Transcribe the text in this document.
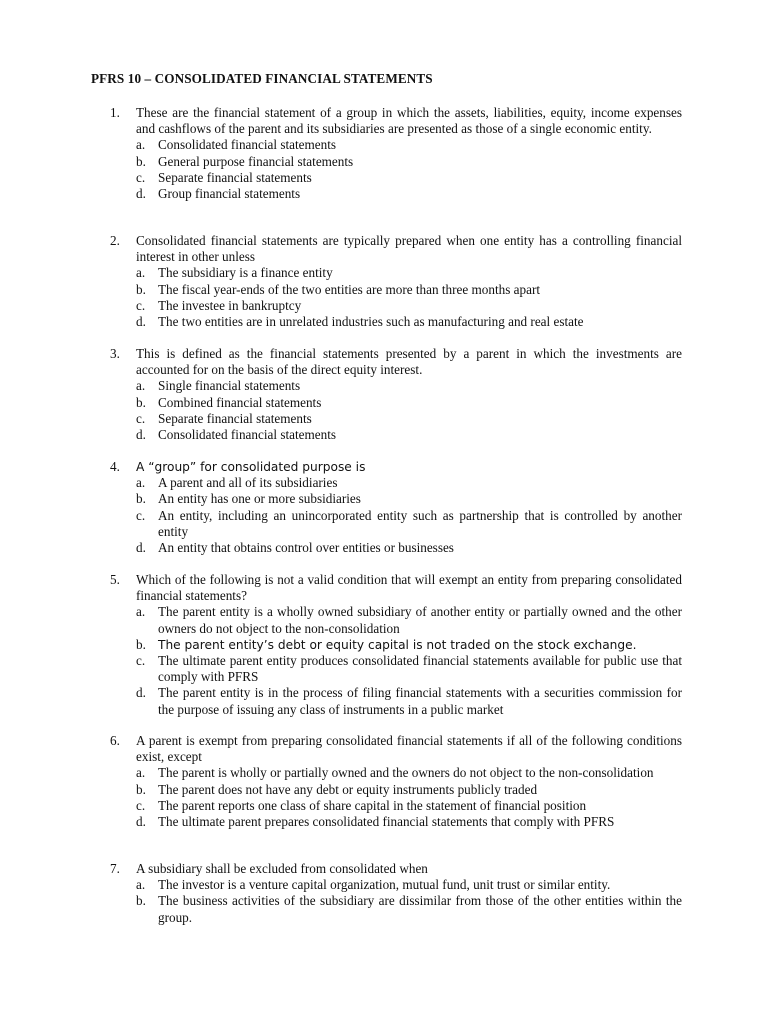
PFRS 10 – CONSOLIDATED FINANCIAL STATEMENTS
1. These are the financial statement of a group in which the assets, liabilities, equity, income expenses and cashflows of the parent and its subsidiaries are presented as those of a single economic entity.
a. Consolidated financial statements
b. General purpose financial statements
c. Separate financial statements
d. Group financial statements
2. Consolidated financial statements are typically prepared when one entity has a controlling financial interest in other unless
a. The subsidiary is a finance entity
b. The fiscal year-ends of the two entities are more than three months apart
c. The investee in bankruptcy
d. The two entities are in unrelated industries such as manufacturing and real estate
3. This is defined as the financial statements presented by a parent in which the investments are accounted for on the basis of the direct equity interest.
a. Single financial statements
b. Combined financial statements
c. Separate financial statements
d. Consolidated financial statements
4. A “group” for consolidated purpose is
a. A parent and all of its subsidiaries
b. An entity has one or more subsidiaries
c. An entity, including an unincorporated entity such as partnership that is controlled by another entity
d. An entity that obtains control over entities or businesses
5. Which of the following is not a valid condition that will exempt an entity from preparing consolidated financial statements?
a. The parent entity is a wholly owned subsidiary of another entity or partially owned and the other owners do not object to the non-consolidation
b. The parent entity’s debt or equity capital is not traded on the stock exchange.
c. The ultimate parent entity produces consolidated financial statements available for public use that comply with PFRS
d. The parent entity is in the process of filing financial statements with a securities commission for the purpose of issuing any class of instruments in a public market
6. A parent is exempt from preparing consolidated financial statements if all of the following conditions exist, except
a. The parent is wholly or partially owned and the owners do not object to the non-consolidation
b. The parent does not have any debt or equity instruments publicly traded
c. The parent reports one class of share capital in the statement of financial position
d. The ultimate parent prepares consolidated financial statements that comply with PFRS
7. A subsidiary shall be excluded from consolidated when
a. The investor is a venture capital organization, mutual fund, unit trust or similar entity.
b. The business activities of the subsidiary are dissimilar from those of the other entities within the group.
